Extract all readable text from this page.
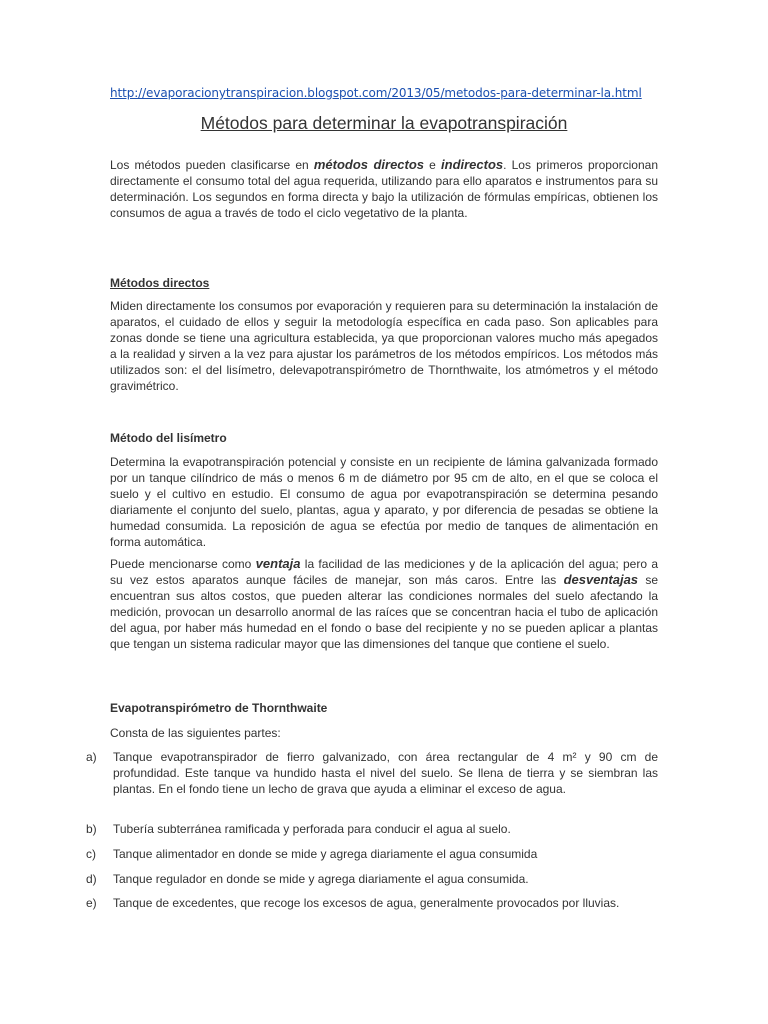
http://evaporacionytranspiracion.blogspot.com/2013/05/metodos-para-determinar-la.html
Métodos para determinar la evapotranspiración

Los métodos pueden clasificarse en métodos directos e indirectos. Los primeros proporcionan directamente el consumo total del agua requerida, utilizando para ello aparatos e instrumentos para su determinación. Los segundos en forma directa y bajo la utilización de fórmulas empíricas, obtienen los consumos de agua a través de todo el ciclo vegetativo de la planta.

Métodos directos

Miden directamente los consumos por evaporación y requieren para su determinación la instalación de aparatos, el cuidado de ellos y seguir la metodología específica en cada paso. Son aplicables para zonas donde se tiene una agricultura establecida, ya que proporcionan valores mucho más apegados a la realidad y sirven a la vez para ajustar los parámetros de los métodos empíricos. Los métodos más utilizados son: el del lisímetro, delevapotranspirómetro de Thornthwaite, los atmómetros y el método gravimétrico.

Método del lisímetro

Determina la evapotranspiración potencial y consiste en un recipiente de lámina galvanizada formado por un tanque cilíndrico de más o menos 6 m de diámetro por 95 cm de alto, en el que se coloca el suelo y el cultivo en estudio. El consumo de agua por evapotranspiración se determina pesando diariamente el conjunto del suelo, plantas, agua y aparato, y por diferencia de pesadas se obtiene la humedad consumida. La reposición de agua se efectúa por medio de tanques de alimentación en forma automática.

Puede mencionarse como ventaja la facilidad de las mediciones y de la aplicación del agua; pero a su vez estos aparatos aunque fáciles de manejar, son más caros. Entre las desventajas se encuentran sus altos costos, que pueden alterar las condiciones normales del suelo afectando la medición, provocan un desarrollo anormal de las raíces que se concentran hacia el tubo de aplicación del agua, por haber más humedad en el fondo o base del recipiente y no se pueden aplicar a plantas que tengan un sistema radicular mayor que las dimensiones del tanque que contiene el suelo.

Evapotranspirómetro de Thornthwaite

Consta de las siguientes partes:

a)	Tanque evapotranspirador de fierro galvanizado, con área rectangular de 4 m² y 90 cm de profundidad. Este tanque va hundido hasta el nivel del suelo. Se llena de tierra y se siembran las plantas. En el fondo tiene un lecho de grava que ayuda a eliminar el exceso de agua.
b)	Tubería subterránea ramificada y perforada para conducir el agua al suelo.
c)	Tanque alimentador en donde se mide y agrega diariamente el agua consumida
d)	Tanque regulador en donde se mide y agrega diariamente el agua consumida.
e)	Tanque de excedentes, que recoge los excesos de agua, generalmente provocados por lluvias.
